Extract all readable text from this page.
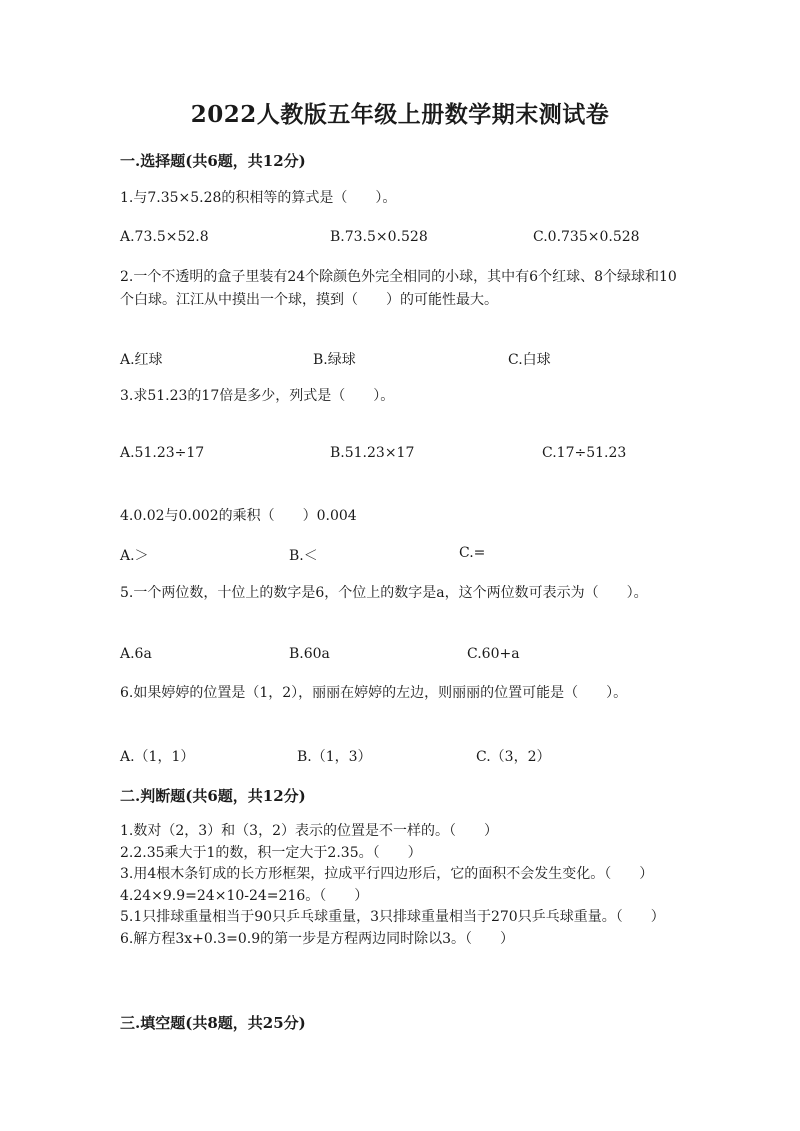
2022人教版五年级上册数学期末测试卷
一.选择题(共6题，共12分)
1.与7.35×5.28的积相等的算式是（　　）。
A.73.5×52.8	B.73.5×0.528	C.0.735×0.528
2.一个不透明的盒子里装有24个除颜色外完全相同的小球，其中有6个红球、8个绿球和10个白球。江江从中摸出一个球，摸到（　　）的可能性最大。
A.红球	B.绿球	C.白球
3.求51.23的17倍是多少，列式是（　　）。
A.51.23÷17	B.51.23×17	C.17÷51.23
4.0.02与0.002的乘积（　　）0.004
A.＞	B.＜	C.=
5.一个两位数，十位上的数字是6，个位上的数字是a，这个两位数可表示为（　　）。
A.6a	B.60a	C.60+a
6.如果婷婷的位置是（1，2），丽丽在婷婷的左边，则丽丽的位置可能是（　　）。
A.（1，1）	B.（1，3）	C.（3，2）
二.判断题(共6题，共12分)
1.数对（2，3）和（3，2）表示的位置是不一样的。（　　）
2.2.35乘大于1的数，积一定大于2.35。（　　）
3.用4根木条钉成的长方形框架，拉成平行四边形后，它的面积不会发生变化。（　　）
4.24×9.9=24×10-24=216。（　　）
5.1只排球重量相当于90只乒乓球重量，3只排球重量相当于270只乒乓球重量。（　　）
6.解方程3x+0.3=0.9的第一步是方程两边同时除以3。（　　）
三.填空题(共8题，共25分)
